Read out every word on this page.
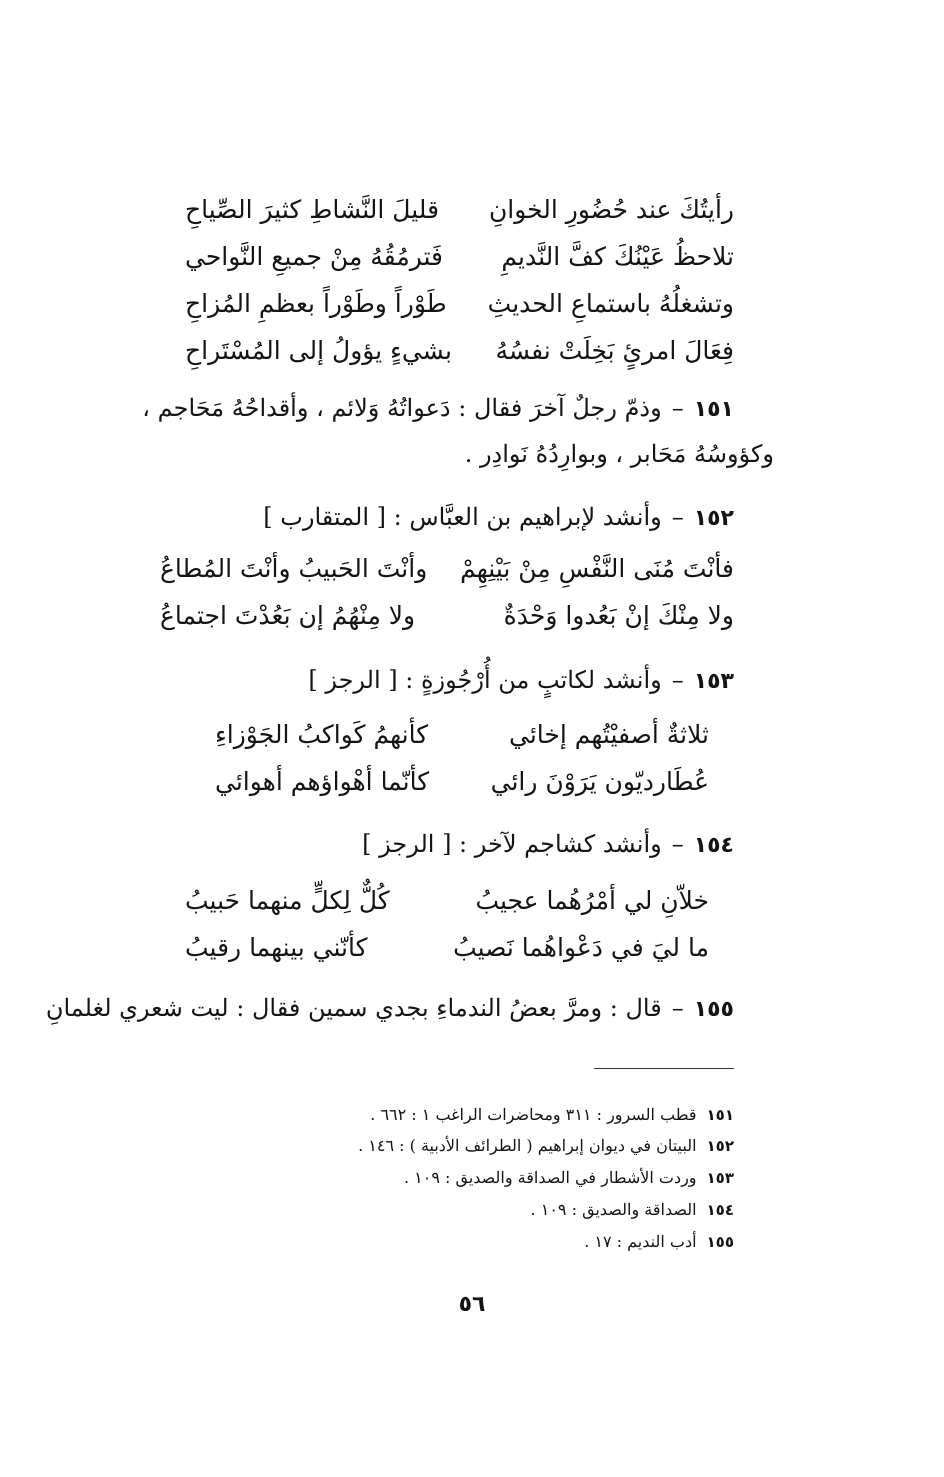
رأيتُكَ عند حُضُورِ الخوانِ
قليلَ النَّشاطِ كثيرَ الصِّياحِ
تلاحظُ عَيْنُكَ كفَّ النَّديمِ
فَترمُقُهُ مِنْ جميعِ النَّواحي
وتشغلُهُ باستماعِ الحديثِ
طَوْراً وطَوْراً بعظمِ المُزاحِ
فِعَالَ امرئٍ بَخِلَتْ نفسُهُ
بشيءٍ يؤولُ إلى المُسْتَراحِ
١٥١–وذمّ رجلٌ آخرَ فقال : دَعواتُهُ وَلائم ، وأقداحُهُ مَحَاجم ،
وكؤوسُهُ مَحَابر ، وبوارِدُهُ نَوادِر .
١٥٢–وأنشد لإبراهيم بن العبَّاس : [ المتقارب ]
فأنْتَ مُنَى النَّفْسِ مِنْ بَيْنِهِمْ
وأنْتَ الحَبيبُ وأنْتَ المُطاعُ
ولا مِنْكَ إنْ بَعُدوا وَحْدَةٌ
ولا مِنْهُمُ إن بَعُدْتَ اجتماعُ
١٥٣–وأنشد لكاتبٍ من أُرْجُوزةٍ : [ الرجز ]
ثلاثةٌ أصفيْتُهم إخائي
كأنهمُ كَواكبُ الجَوْزاءِ
عُطَارديّون يَرَوْنَ رائي
كأنّما أهْواؤهم أهوائي
١٥٤–وأنشد كشاجم لآخر : [ الرجز ]
خلاّنِ لي أمْرُهُما عجيبُ
كُلٌّ لِكلٍّ منهما حَبيبُ
ما ليَ في دَعْواهُما نَصيبُ
كأنّني بينهما رقيبُ
١٥٥–قال : ومرَّ بعضُ الندماءِ بجدي سمين فقال : ليت شعري لغلمانِ
١٥١قطب السرور : ٣١١ ومحاضرات الراغب ١ : ٦٦٢ .
١٥٢البيتان في ديوان إبراهيم ( الطرائف الأدبية ) : ١٤٦ .
١٥٣وردت الأشطار في الصداقة والصديق : ١٠٩ .
١٥٤الصداقة والصديق : ١٠٩ .
١٥٥أدب النديم : ١٧ .
٥٦
